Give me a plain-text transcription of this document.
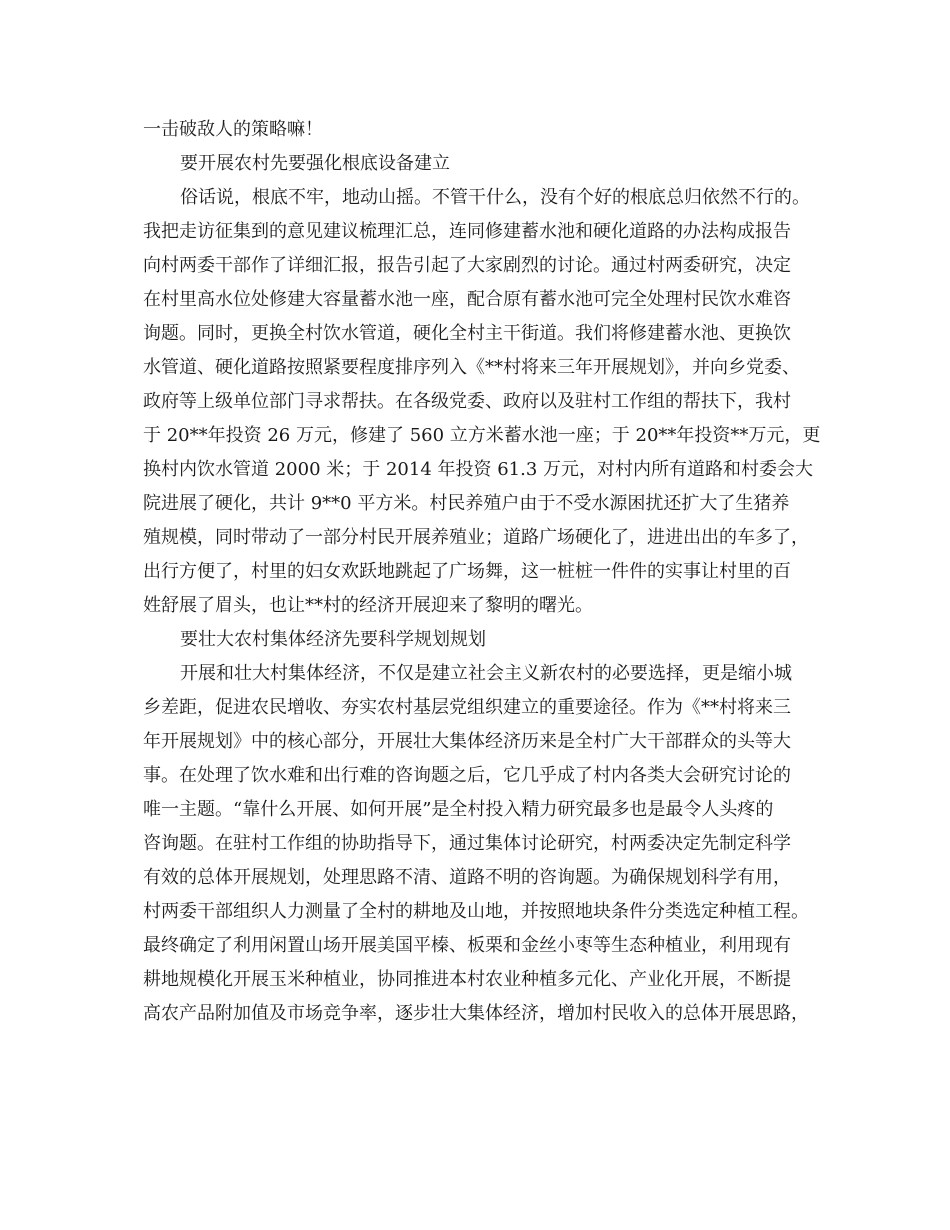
一击破敌人的策略嘛！
要开展农村先要强化根底设备建立
俗话说，根底不牢，地动山摇。不管干什么，没有个好的根底总归依然不行的。
我把走访征集到的意见建议梳理汇总，连同修建蓄水池和硬化道路的办法构成报告
向村两委干部作了详细汇报，报告引起了大家剧烈的讨论。通过村两委研究，决定
在村里高水位处修建大容量蓄水池一座，配合原有蓄水池可完全处理村民饮水难咨
询题。同时，更换全村饮水管道，硬化全村主干街道。我们将修建蓄水池、更换饮
水管道、硬化道路按照紧要程度排序列入《**村将来三年开展规划》，并向乡党委、
政府等上级单位部门寻求帮扶。在各级党委、政府以及驻村工作组的帮扶下，我村
于 20**年投资 26 万元，修建了 560 立方米蓄水池一座；于 20**年投资**万元，更
换村内饮水管道 2000 米；于 2014 年投资 61.3 万元，对村内所有道路和村委会大
院进展了硬化，共计 9**0 平方米。村民养殖户由于不受水源困扰还扩大了生猪养
殖规模，同时带动了一部分村民开展养殖业；道路广场硬化了，进进出出的车多了，
出行方便了，村里的妇女欢跃地跳起了广场舞，这一桩桩一件件的实事让村里的百
姓舒展了眉头，也让**村的经济开展迎来了黎明的曙光。
要壮大农村集体经济先要科学规划规划
开展和壮大村集体经济，不仅是建立社会主义新农村的必要选择，更是缩小城
乡差距，促进农民增收、夯实农村基层党组织建立的重要途径。作为《**村将来三
年开展规划》中的核心部分，开展壮大集体经济历来是全村广大干部群众的头等大
事。在处理了饮水难和出行难的咨询题之后，它几乎成了村内各类大会研究讨论的
唯一主题。“靠什么开展、如何开展”是全村投入精力研究最多也是最令人头疼的
咨询题。在驻村工作组的协助指导下，通过集体讨论研究，村两委决定先制定科学
有效的总体开展规划，处理思路不清、道路不明的咨询题。为确保规划科学有用，
村两委干部组织人力测量了全村的耕地及山地，并按照地块条件分类选定种植工程。
最终确定了利用闲置山场开展美国平榛、板栗和金丝小枣等生态种植业，利用现有
耕地规模化开展玉米种植业，协同推进本村农业种植多元化、产业化开展，不断提
高农产品附加值及市场竞争率，逐步壮大集体经济，增加村民收入的总体开展思路，
